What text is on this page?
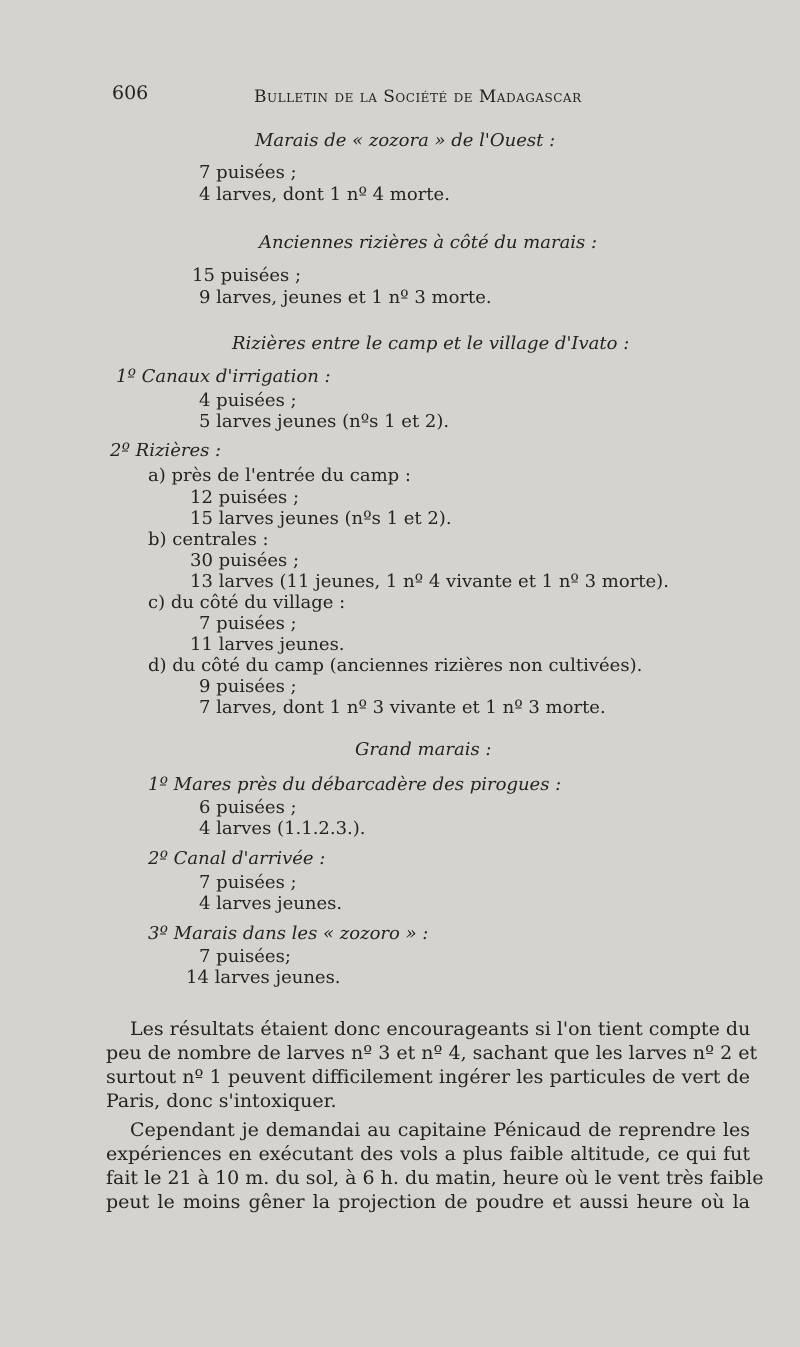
606	Bulletin de la Société de Madagascar
Marais de « zozora » de l'Ouest :
7 puisées ;
4 larves, dont 1 nº 4 morte.
Anciennes rizières à côté du marais :
15 puisées ;
9 larves, jeunes et 1 nº 3 morte.
Rizières entre le camp et le village d'Ivato :
1º Canaux d'irrigation :
4 puisées ;
5 larves jeunes (nºs 1 et 2).
2º Rizières :
a) près de l'entrée du camp :
12 puisées ;
15 larves jeunes (nºs 1 et 2).
b) centrales :
30 puisées ;
13 larves (11 jeunes, 1 nº 4 vivante et 1 nº 3 morte).
c) du côté du village :
7 puisées ;
11 larves jeunes.
d) du côté du camp (anciennes rizières non cultivées).
9 puisées ;
7 larves, dont 1 nº 3 vivante et 1 nº 3 morte.
Grand marais :
1º Mares près du débarcadère des pirogues :
6 puisées ;
4 larves (1.1.2.3.).
2º Canal d'arrivée :
7 puisées ;
4 larves jeunes.
3º Marais dans les « zozoro » :
7 puisées;
14 larves jeunes.
Les résultats étaient donc encourageants si l'on tient compte du
peu de nombre de larves nº 3 et nº 4, sachant que les larves nº 2 et
surtout nº 1 peuvent difficilement ingérer les particules de vert de
Paris, donc s'intoxiquer.
Cependant je demandai au capitaine Pénicaud de reprendre les
expériences en exécutant des vols a plus faible altitude, ce qui fut
fait le 21 à 10 m. du sol, à 6 h. du matin, heure où le vent très faible
peut le moins gêner la projection de poudre et aussi heure où la
